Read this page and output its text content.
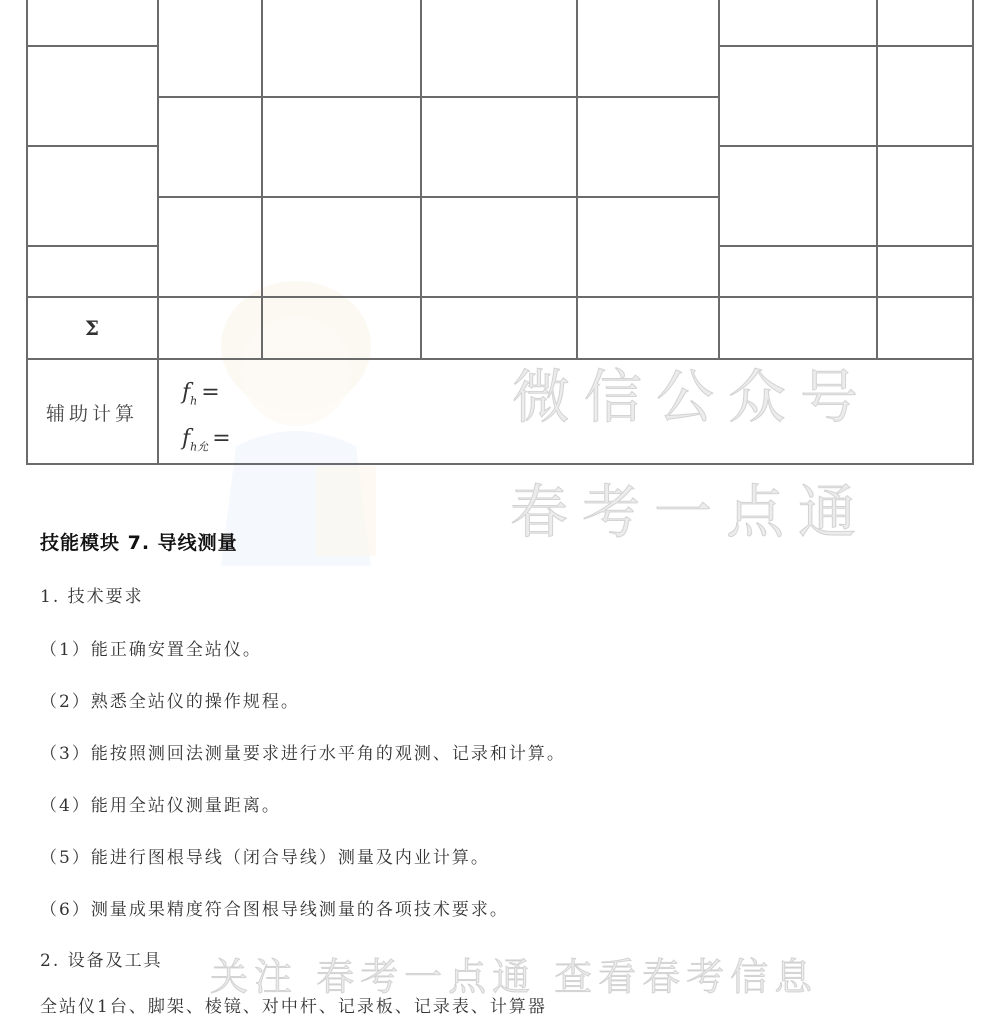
微信公众号
春考一点通
关注 春考一点通 查看春考信息
Σ
辅助计算
$f_h$ =
$f_{h允}$ =
技能模块 7. 导线测量
1. 技术要求
（1）能正确安置全站仪。
（2）熟悉全站仪的操作规程。
（3）能按照测回法测量要求进行水平角的观测、记录和计算。
（4）能用全站仪测量距离。
（5）能进行图根导线（闭合导线）测量及内业计算。
（6）测量成果精度符合图根导线测量的各项技术要求。
2. 设备及工具
全站仪1台、脚架、棱镜、对中杆、记录板、记录表、计算器
